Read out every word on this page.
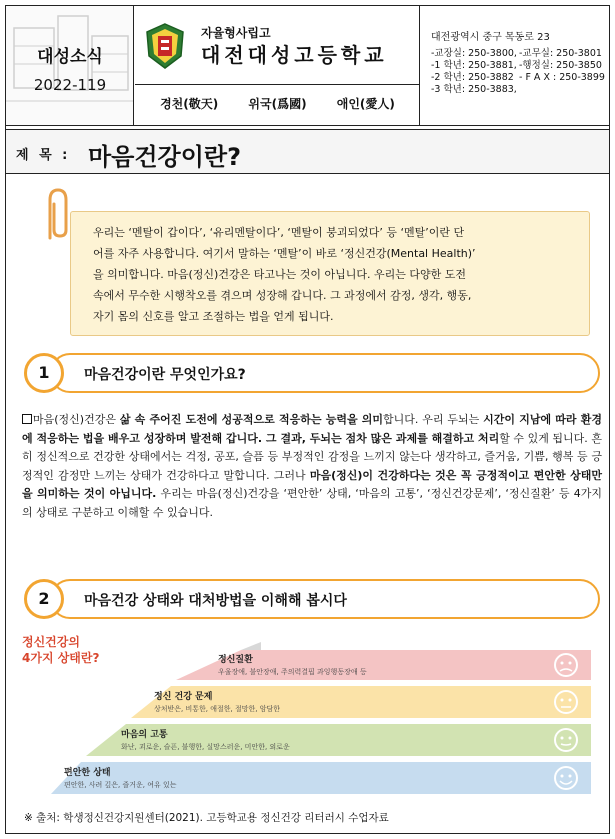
대성소식
2022-119
자율형사립고
대전대성고등학교
경천(敬天)	위국(爲國)	애인(愛人)
대전광역시 중구 목동로 23
-교장실: 250-3800, -교무실: 250-3801
-1 학년: 250-3881, -행정실: 250-3850
-2 학년: 250-3882 - F A X : 250-3899
-3 학년: 250-3883,
제 목 : 마음건강이란?
우리는 ‘멘탈이 갑이다’, ‘유리멘탈이다’, ‘멘탈이 붕괴되었다’ 등 ‘멘탈’이란 단
어를 자주 사용합니다. 여기서 말하는 ‘멘탈’이 바로 ‘정신건강(Mental Health)’
을 의미합니다. 마음(정신)건강은 타고나는 것이 아닙니다. 우리는 다양한 도전
속에서 무수한 시행착오를 겪으며 성장해 갑니다. 그 과정에서 감정, 생각, 행동,
자기 몸의 신호를 알고 조절하는 법을 얻게 됩니다.
1	마음건강이란 무엇인가요?
마음(정신)건강은 삶 속 주어진 도전에 성공적으로 적응하는 능력을 의미합니다. 우리 두뇌는 시간이 지남에 따라 환경에 적응하는 법을 배우고 성장하며 발전해 갑니다. 그 결과, 두뇌는 점차 많은 과제를 해결하고 처리할 수 있게 됩니다. 흔히 정신적으로 건강한 상태에서는 걱정, 공포, 슬픔 등 부정적인 감정을 느끼지 않는다 생각하고, 즐거움, 기쁨, 행복 등 긍정적인 감정만 느끼는 상태가 건강하다고 말합니다. 그러나 마음(정신)이 건강하다는 것은 꼭 긍정적이고 편안한 상태만을 의미하는 것이 아닙니다. 우리는 마음(정신)건강을 ‘편안한’ 상태, ‘마음의 고통’, ‘정신건강문제’, ‘정신질환’ 등 4가지의 상태로 구분하고 이해할 수 있습니다.
2	마음건강 상태와 대처방법을 이해해 봅시다
정신건강의
4가지 상태란?	정신질환
우울장애, 불안장애, 주의력결핍 과잉행동장애 등
정신 건강 문제
상처받은, 비통한, 애절한, 절망한, 암담한
마음의 고통
화난, 괴로운, 슬픈, 불행한, 실망스러운, 미안한, 외로운
편안한 상태
편안한, 사려 깊은, 즐거운, 여유 있는
※ 출처: 학생정신건강지원센터(2021). 고등학교용 정신건강 리터러시 수업자료
